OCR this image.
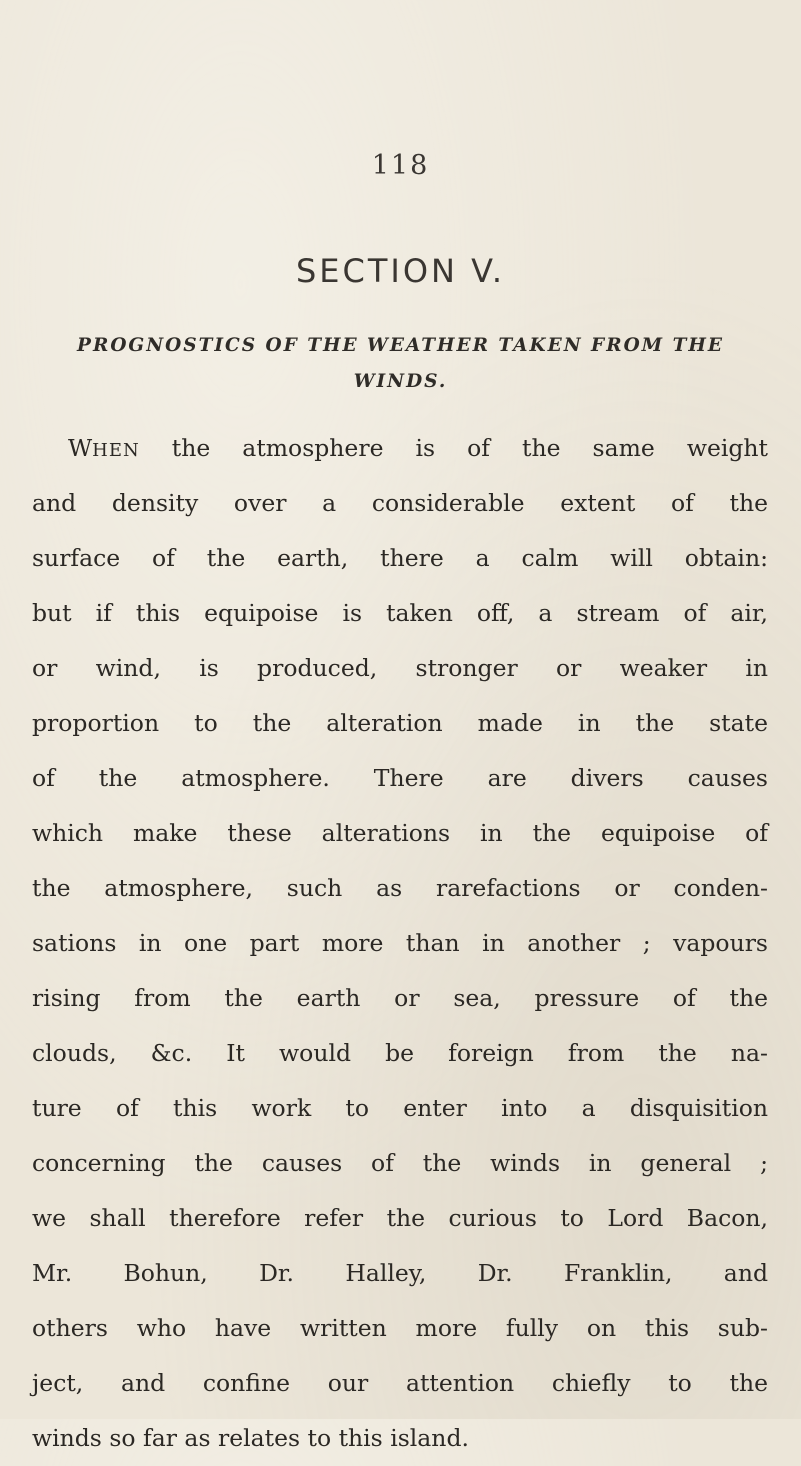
118
SECTION V.
PROGNOSTICS OF THE WEATHER TAKEN FROM THE
WINDS.
WHEN the atmosphere is of the same weight
and density over a considerable extent of the
surface of the earth, there a calm will obtain:
but if this equipoise is taken off, a stream of air,
or wind, is produced, stronger or weaker in
proportion to the alteration made in the state
of the atmosphere. There are divers causes
which make these alterations in the equipoise of
the atmosphere, such as rarefactions or conden-
sations in one part more than in another ; vapours
rising from the earth or sea, pressure of the
clouds, &c. It would be foreign from the na-
ture of this work to enter into a disquisition
concerning the causes of the winds in general ;
we shall therefore refer the curious to Lord Bacon,
Mr. Bohun, Dr. Halley, Dr. Franklin, and
others who have written more fully on this sub-
ject, and confine our attention chiefly to the
winds so far as relates to this island.
